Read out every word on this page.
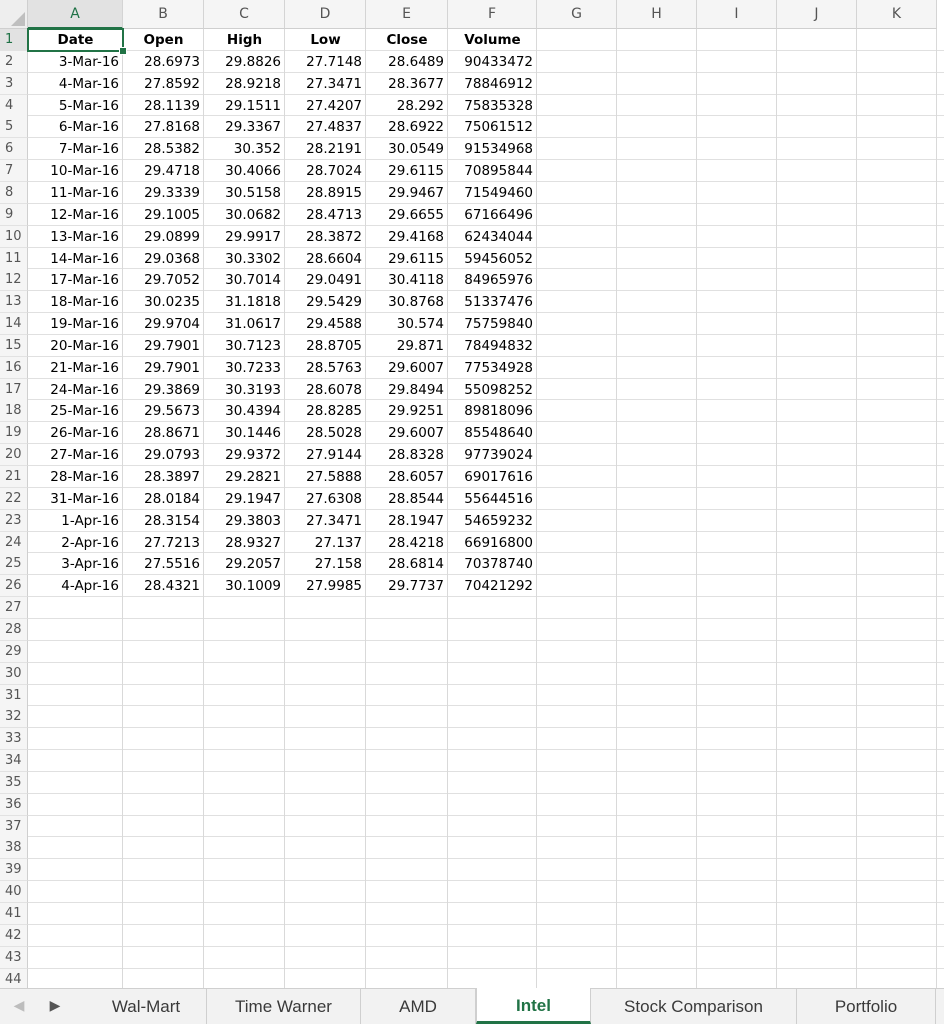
A	B	C	D	E	F	G	H	I	J	K
1
2
3
4
5
6
7
8
9
10
11
12
13
14
15
16
17
18
19
20
21
22
23
24
25
26
27
28
29
30
31
32
33
34
35
36
37
38
39
40
41
42
43
44
Date	Open	High	Low	Close	Volume
3-Mar-16	28.6973	29.8826	27.7148	28.6489	90433472
4-Mar-16	27.8592	28.9218	27.3471	28.3677	78846912
5-Mar-16	28.1139	29.1511	27.4207	28.292	75835328
6-Mar-16	27.8168	29.3367	27.4837	28.6922	75061512
7-Mar-16	28.5382	30.352	28.2191	30.0549	91534968
10-Mar-16	29.4718	30.4066	28.7024	29.6115	70895844
11-Mar-16	29.3339	30.5158	28.8915	29.9467	71549460
12-Mar-16	29.1005	30.0682	28.4713	29.6655	67166496
13-Mar-16	29.0899	29.9917	28.3872	29.4168	62434044
14-Mar-16	29.0368	30.3302	28.6604	29.6115	59456052
17-Mar-16	29.7052	30.7014	29.0491	30.4118	84965976
18-Mar-16	30.0235	31.1818	29.5429	30.8768	51337476
19-Mar-16	29.9704	31.0617	29.4588	30.574	75759840
20-Mar-16	29.7901	30.7123	28.8705	29.871	78494832
21-Mar-16	29.7901	30.7233	28.5763	29.6007	77534928
24-Mar-16	29.3869	30.3193	28.6078	29.8494	55098252
25-Mar-16	29.5673	30.4394	28.8285	29.9251	89818096
26-Mar-16	28.8671	30.1446	28.5028	29.6007	85548640
27-Mar-16	29.0793	29.9372	27.9144	28.8328	97739024
28-Mar-16	28.3897	29.2821	27.5888	28.6057	69017616
31-Mar-16	28.0184	29.1947	27.6308	28.8544	55644516
1-Apr-16	28.3154	29.3803	27.3471	28.1947	54659232
2-Apr-16	27.7213	28.9327	27.137	28.4218	66916800
3-Apr-16	27.5516	29.2057	27.158	28.6814	70378740
4-Apr-16	28.4321	30.1009	27.9985	29.7737	70421292
◀	▶	Wal-Mart	Time Warner	AMD	Intel	Stock Comparison	Portfolio
